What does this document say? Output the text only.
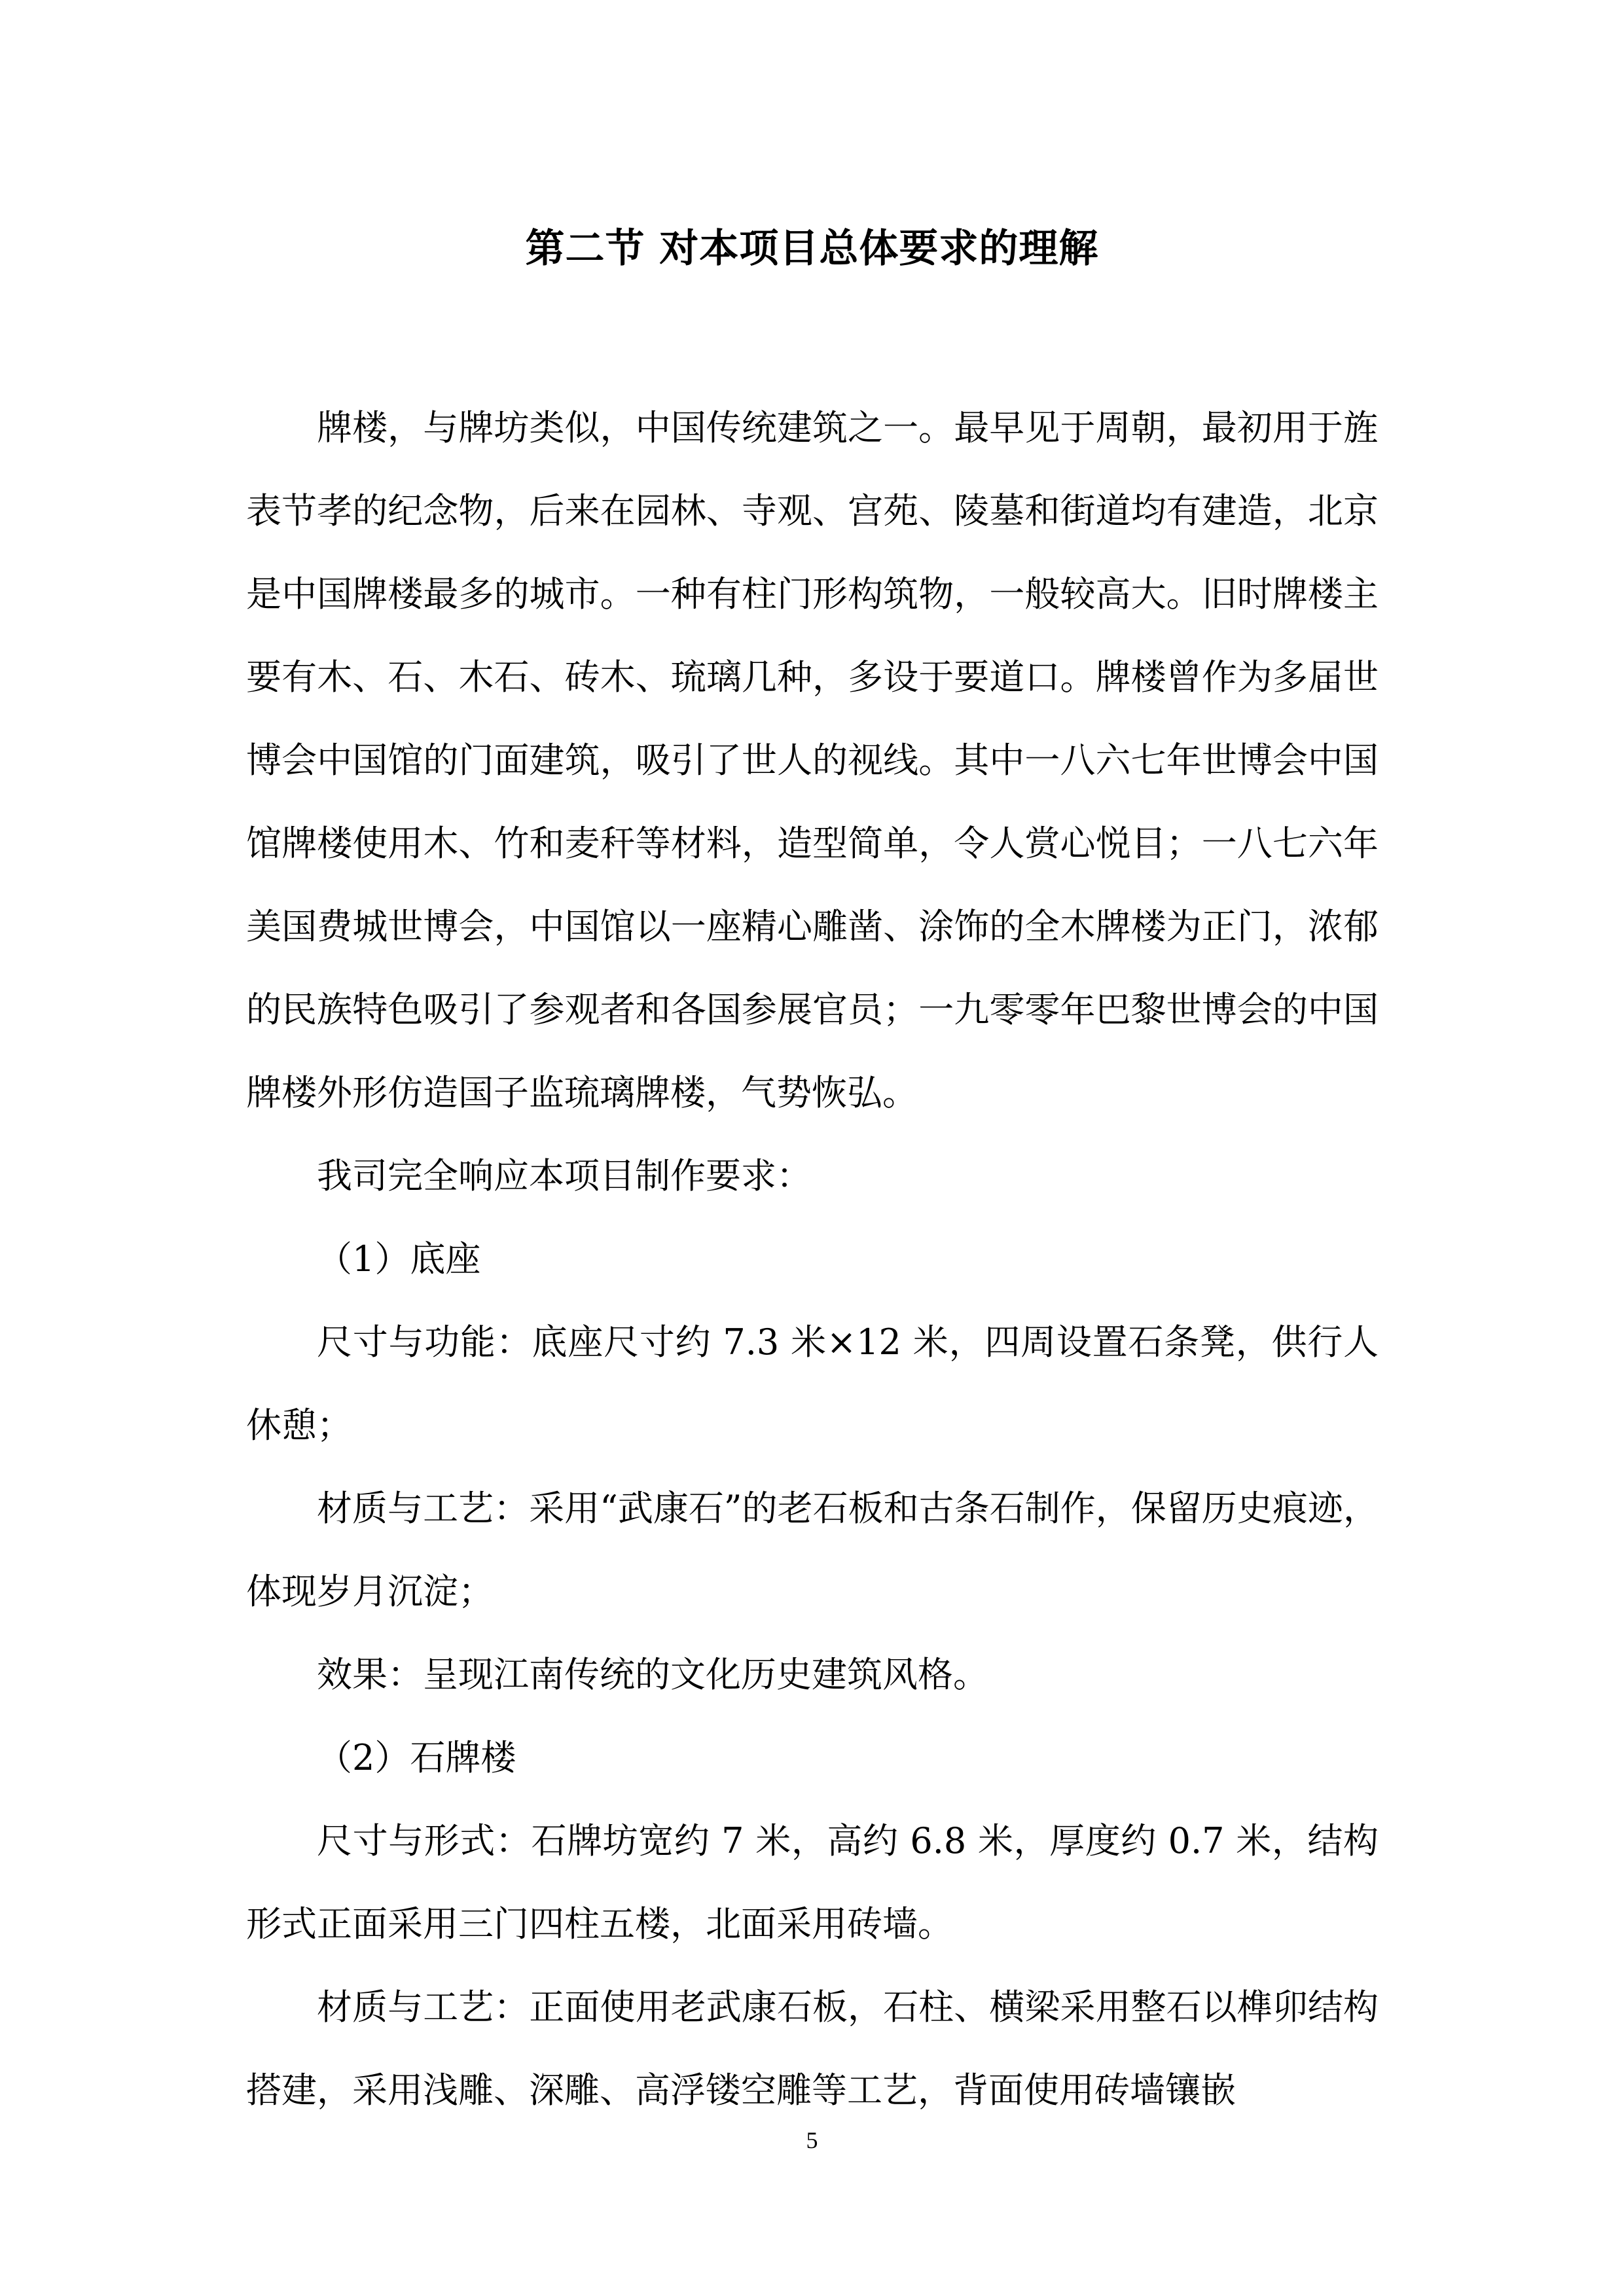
第二节 对本项目总体要求的理解

牌楼，与牌坊类似，中国传统建筑之一。最早见于周朝，最初用于旌表节孝的纪念物，后来在园林、寺观、宫苑、陵墓和街道均有建造，北京是中国牌楼最多的城市。一种有柱门形构筑物，一般较高大。旧时牌楼主要有木、石、木石、砖木、琉璃几种，多设于要道口。牌楼曾作为多届世博会中国馆的门面建筑，吸引了世人的视线。其中一八六七年世博会中国馆牌楼使用木、竹和麦秆等材料，造型简单，令人赏心悦目；一八七六年美国费城世博会，中国馆以一座精心雕凿、涂饰的全木牌楼为正门，浓郁的民族特色吸引了参观者和各国参展官员；一九零零年巴黎世博会的中国牌楼外形仿造国子监琉璃牌楼，气势恢弘。

我司完全响应本项目制作要求：

（1）底座

尺寸与功能：底座尺寸约 7.3 米×12 米，四周设置石条凳，供行人休憩；

材质与工艺：采用“武康石”的老石板和古条石制作，保留历史痕迹，体现岁月沉淀；

效果：呈现江南传统的文化历史建筑风格。

（2）石牌楼

尺寸与形式：石牌坊宽约 7 米，高约 6.8 米，厚度约 0.7 米，结构形式正面采用三门四柱五楼，北面采用砖墙。

材质与工艺：正面使用老武康石板，石柱、横梁采用整石以榫卯结构搭建，采用浅雕、深雕、高浮镂空雕等工艺，背面使用砖墙镶嵌

5
